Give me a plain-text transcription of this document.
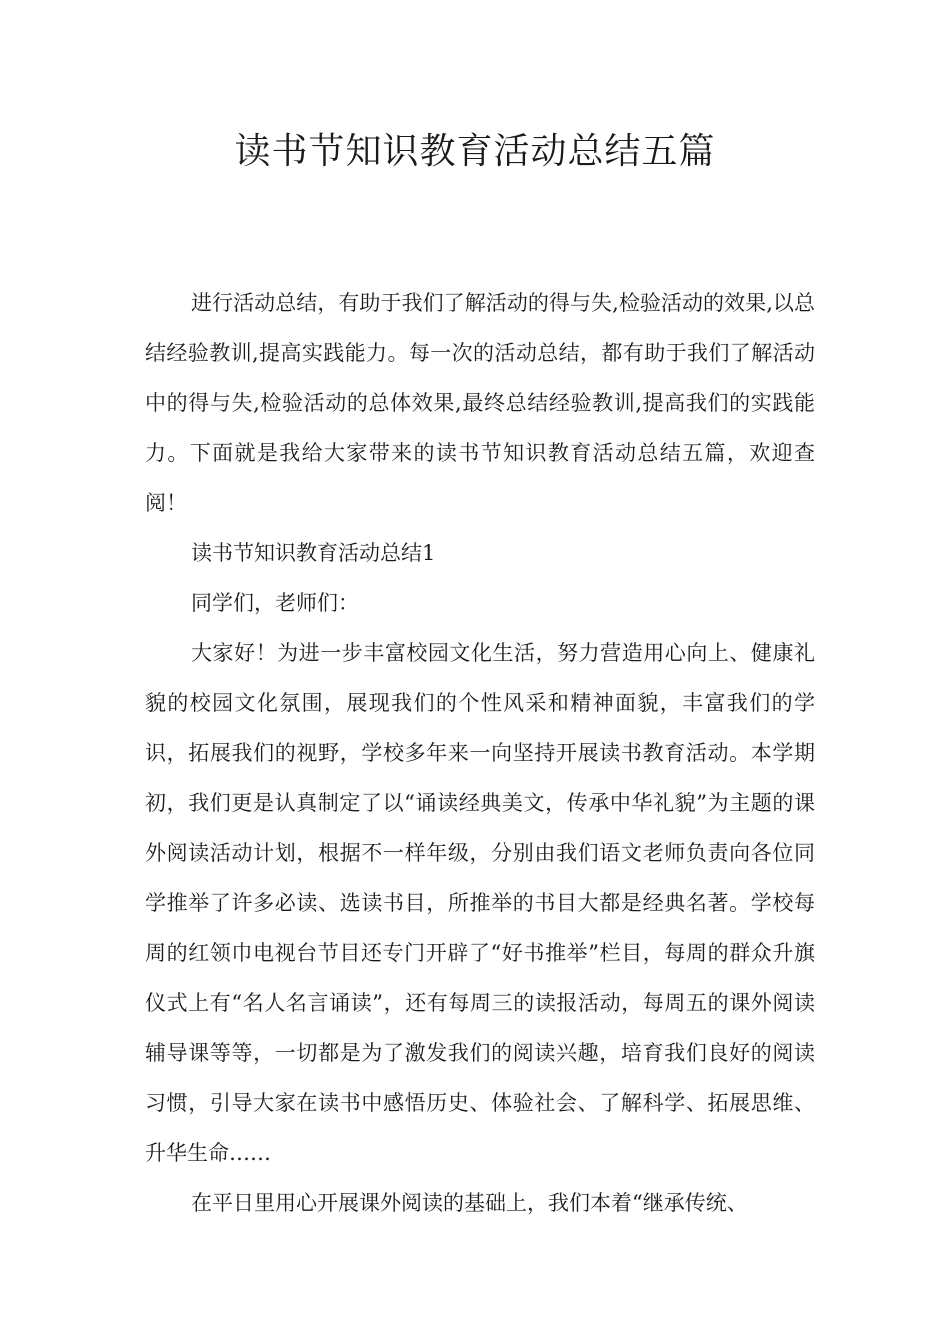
读书节知识教育活动总结五篇

进行活动总结，有助于我们了解活动的得与失,检验活动的效果,以总结经验教训,提高实践能力。每一次的活动总结，都有助于我们了解活动中的得与失,检验活动的总体效果,最终总结经验教训,提高我们的实践能力。下面就是我给大家带来的读书节知识教育活动总结五篇，欢迎查阅！

读书节知识教育活动总结1

同学们，老师们：

大家好！为进一步丰富校园文化生活，努力营造用心向上、健康礼貌的校园文化氛围，展现我们的个性风采和精神面貌，丰富我们的学识，拓展我们的视野，学校多年来一向坚持开展读书教育活动。本学期初，我们更是认真制定了以“诵读经典美文，传承中华礼貌”为主题的课外阅读活动计划，根据不一样年级，分别由我们语文老师负责向各位同学推举了许多必读、选读书目，所推举的书目大都是经典名著。学校每周的红领巾电视台节目还专门开辟了“好书推举”栏目，每周的群众升旗仪式上有“名人名言诵读”，还有每周三的读报活动，每周五的课外阅读辅导课等等，一切都是为了激发我们的阅读兴趣，培育我们良好的阅读习惯，引导大家在读书中感悟历史、体验社会、了解科学、拓展思维、升华生命……

在平日里用心开展课外阅读的基础上，我们本着“继承传统、
